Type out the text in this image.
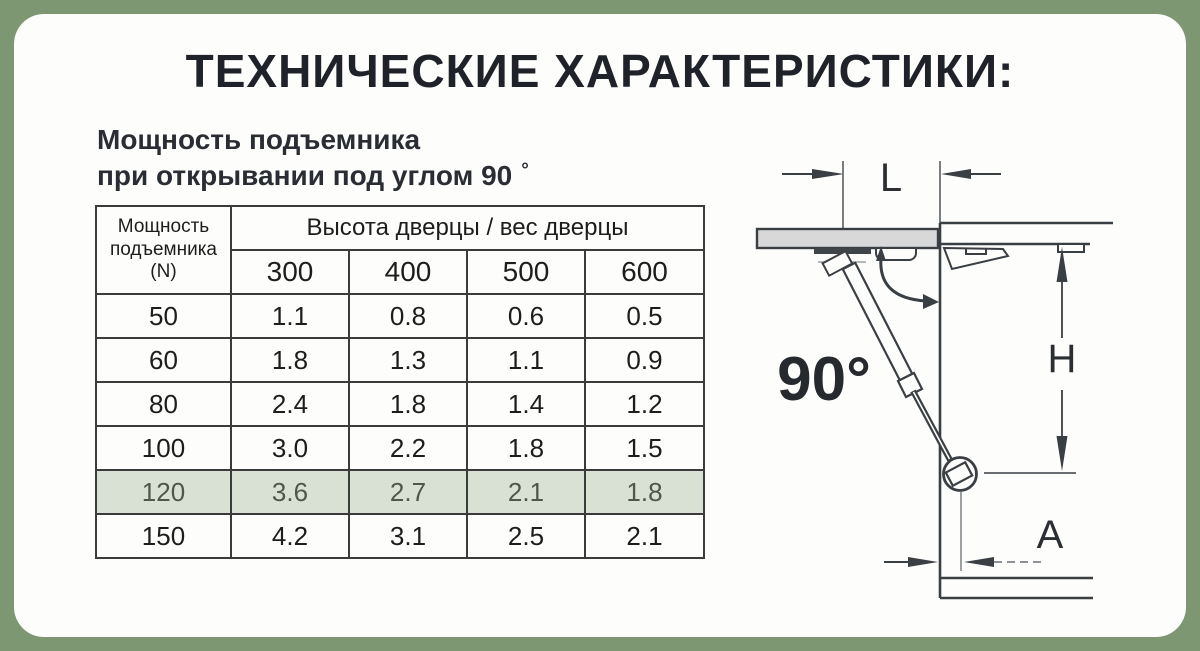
ТЕХНИЧЕСКИЕ ХАРАКТЕРИСТИКИ:
Мощность подъемника
при открывании под углом 90 °
Мощность подъемника (N)	Высота дверцы / вес дверцы			
	300	400	500	600
50	1.1	0.8	0.6	0.5
60	1.8	1.3	1.1	0.9
80	2.4	1.8	1.4	1.2
100	3.0	2.2	1.8	1.5
120	3.6	2.7	2.1	1.8
150	4.2	3.1	2.5	2.1
L
90°	H
A
